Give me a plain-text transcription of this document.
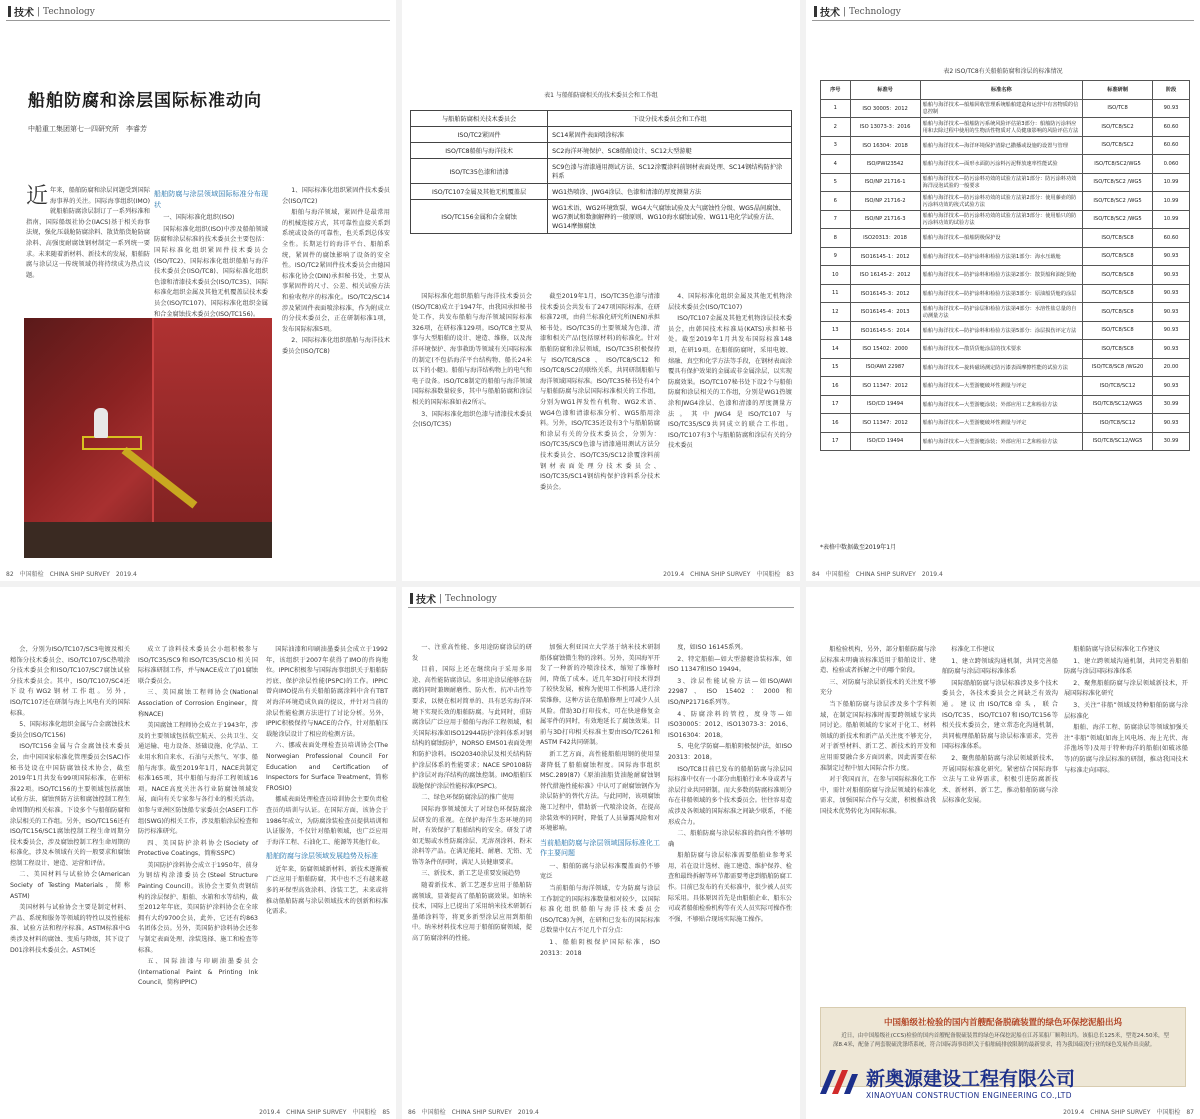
技术 | Technology
船舶防腐和涂层国际标准动向
中船重工集团第七一四研究所　李睿芳

近年来，船舶防腐和涂层问题受到国际海事界的关注。国际海事组织(IMO)就船舶防腐涂层制订了一系列标准和指南，国际船级社协会(IACS)基于相关海事法规，强化压载舱防腐涂料、散货船货舱防腐涂料、高强度耐腐蚀钢材制定一系列统一要求。未来随着新材料、新技术的发展，船舶防腐与涂层这一传统领域仍将持续成为热点议题。

船舶防腐与涂层领域国际标准分布现状

一、国际标准化组织(ISO)

国际标准化组织(ISO)中涉及船舶领域防腐和涂层标准的技术委员会主要包括：国际标准化组织紧固件技术委员会(ISO/TC2)、国际标准化组织船舶与海洋技术委员会(ISO/TC8)、国际标准化组织色漆和清漆技术委员会(ISO/TC35)、国际标准化组织金属及其他无机覆盖层技术委员会(ISO/TC107)、国际标准化组织金属和合金腐蚀技术委员会(ISO/TC156)。

1、国际标准化组织紧固件技术委员会(ISO/TC2)

船舶与海洋领域，紧固件是最常用的机械连接方式，其可靠性直接关系到系统或设备的可靠性，也关系到总体安全性。长期运行的海洋平台、船舶系统，紧固件的腐蚀影响了设备的安全性。ISO/TC2紧固件技术委员会由德国标准化协会(DIN)承担秘书处，主要从事紧固件的尺寸、公差、相关试验方法和验收程序的标准化。ISO/TC2/SC14涉及紧固件表面喷涂标准，作为附成立的分技术委员会，正在研制标准1项，发布国际标准5项。

2、国际标准化组织船舶与海洋技术委员会(ISO/TC8)

82　中国船检　CHINA SHIP SURVEY　2019.4
表1 与船舶防腐相关的技术委员会和工作组
与船舶防腐相关技术委员会	下设分技术委员会和工作组
ISO/TC2紧固件	SC14紧固件表面喷涂标准
ISO/TC8船舶与海洋技术	SC2海洋环境保护、SC8船舶设计、SC12大型游艇
ISO/TC35色漆和清漆	SC9色漆与清漆通用测试方法、SC12涂覆涂料前钢材表面处理、SC14钢结构防护涂料系
ISO/TC107金属及其他无机覆盖层	WG1热喷涂、JWG4涂层、色漆和清漆的厚度测量方法
ISO/TC156金属和合金腐蚀	WG1术语、WG2环境致裂、WG4大气腐蚀试验及大气腐蚀性分级、WG5晶间腐蚀、WG7测试和数据解释的一般原则、WG10海水腐蚀试验、WG11电化学试验方法、WG14摩擦腐蚀

国际标准化组织船舶与海洋技术委员会(ISO/TC8)成立于1947年，由我国承担秘书处工作，共发布船舶与海洋领域国际标准326项，在研标准129项。ISO/TC8主要从事与大型船舶的设计、建造、维修，以及海洋环境保护、海事救助等领域有关国际标准的制定(不包括海洋平台结构物、船长24米以下的小艇)。船舶与海洋结构物上的电气和电子设备。ISO/TC8制定的船舶与海洋领域国际标准数量较多，其中与船舶防腐和涂层相关的国际标准如表2所示。

3、国际标准化组织色漆与清漆技术委员会(ISO/TC35)

截至2019年1月，ISO/TC35色漆与清漆技术委员会共发布了247项国际标准，在研标准72项，由荷兰标准化研究所(NEN)承担秘书处。ISO/TC35的主要领域为色漆、清漆和相关产品(包括原材料)的标准化。针对船舶防腐和涂层领域，ISO/TC35积极保持与ISO/TC8/SC8、ISO/TC8/SC12和ISO/TC8/SC2的联络关系，共同研制船舶与海洋领域国际标准。ISO/TC35秘书处有4个与船舶防腐与涂层国际标准相关的工作组，分别为WG1挥发性有机物、WG2术语、WG4色漆和清漆标准分析、WG5船用涂料。另外，ISO/TC35还设有3个与船舶防腐和涂层有关的分技术委员会，分别为：ISO/TC35/SC9色漆与清漆通用测试方法分技术委员会、ISO/TC35/SC12涂覆涂料前钢材表面处理分技术委员会、ISO/TC35/SC14钢结构保护涂料系分技术委员会。

4、国际标准化组织金属及其他无机物涂层技术委员会(ISO/TC107)

ISO/TC107金属及其他无机物涂层技术委员会，由韩国技术标准局(KATS)承担秘书处。截至2019年1月共发布国际标准148项，在研19项。在船舶防腐时，采用电镀、熔融、真空和化学方法等手段，在钢材表面涂覆具有保护效果的金属或非金属涂层，以实现防腐效果。ISO/TC107秘书处下设2个与船舶防腐和涂层相关的工作组，分别是WG1热镀涂和JWG4涂层、色漆和清漆的厚度测量方法。其中JWG4是ISO/TC107与ISO/TC35/SC9共同成立的联合工作组。ISO/TC107有3个与船舶防腐和涂层有关的分技术委员

2019.4　CHINA SHIP SURVEY　中国船检　83
技术 | Technology
表2 ISO/TC8有关船舶防腐和涂层的标准情况
序号	标准号	标准名称	标准研制	阶段
1	ISO 30005：2012	船舶与海洋技术—船舶回收管理系统船舶建造和运营中有害物质的信息控制	ISO/TC8	90.93
2	ISO 13073-3：2016	船舶与海洋技术—船舶防污系统风险评估第3部分：船舶防污涂料应用和去除过程中使用的生物活性物质对人员健康影响的风险评估方法	ISO/TC8/SC2	60.60
3	ISO 16304：2018	船舶与海洋技术—海洋环境保护清除已撒播或设施的设置与管理	ISO/TC8/SC2	60.60
4	ISO/PWI23542	船舶与海洋技术—面形水面防污涂料污泥释放速率性能试验	ISO/TC8/SC2/WG5	0.060
5	ISO/NP 21716-1	船舶与海洋技术—防污涂料功效的试验方法第1部分：防污涂料功效海洋浸泡试验的一般要求	ISO/TC8/SC2 /WG5	10.99
6	ISO/NP 21716-2	船舶与海洋技术—防污涂料功效的试验方法第2部分：使用藤壶的防污涂料功效的筏式试验方法	ISO/TC8/SC2 /WG5	10.99
7	ISO/NP 21716-3	船舶与海洋技术—防污涂料功效的试验方法第3部分：使用船只的防污涂料功效的试验方法	ISO/TC8/SC2 /WG5	10.99
8	ISO20313：2018	船舶与海洋技术—船舶阴极保护设	ISO/TC8/SC8	60.60
9	ISO16145-1：2012	船舶与海洋技术—防护涂料和检验方法第1部分：海水压载舱	ISO/TC8/SC8	90.93
10	ISO 16145-2：2012	船舶与海洋技术—防护涂料和检验方法第2部分：散货船和油轮货舱	ISO/TC8/SC8	90.93
11	ISO16145-3：2012	船舶与海洋技术—防护涂料和检验方法第3部分：原油船货舱的涂层	ISO/TC8/SC8	90.93
12	ISO16145-4：2013	船舶与海洋技术—防护涂层和检验方法第4部分：水溶性盐总量的自动测量方法	ISO/TC8/SC8	90.93
13	ISO16145-5：2014	船舶与海洋技术—防护涂料和检验方法第5部分：涂层损伤评定方法	ISO/TC8/SC8	90.93
14	ISO 15402：2000	船舶与海洋技术—散货货舱涂层的技术要求	ISO/TC8/SC8	90.93
15	ISO/AWI 22987	船舶与海洋技术—旋转磁场测定防污漆表面摩擦性能的试验方法	ISO/TC8/SC8 /WG20	20.00
16	ISO 11347：2012	船舶与海洋技术—大型游艇破坏性测量与评定	ISO/TC8/SC12	90.93
17	ISO/CD 19494	船舶与海洋技术—大型游艇涂装；外部应用工艺和检验方法	ISO/TC8/SC12/WG5	30.99
16	ISO 11347：2012	船舶与海洋技术—大型游艇破坏性测量与评定	ISO/TC8/SC12	90.93
17	ISO/CD 19494	船舶与海洋技术—大型游艇涂装；外部应用工艺和检验方法	ISO/TC8/SC12/WG5	30.99
*表格中数据截至2019年1月
84　中国船检　CHINA SHIP SURVEY　2019.4

会，分别为ISO/TC107/SC3电镀及相关精饰分技术委员会、ISO/TC107/SC热喷涂分技术委员会和ISO/TC107/SC7腐蚀试验分技术委员会。其中，ISO/TC107/SC4还下设有WG2钢材工作组。另外，ISO/TC107还在研制与海上风电有关的国际标准。

5、国际标准化组织金属与合金腐蚀技术委员会(ISO/TC156)

ISO/TC156金属与合金腐蚀技术委员会，由中国国家标准化管理委员会(SAC)作秘书处设在中国防腐蚀技术协会，截至2019年1月共发布99项国际标准，在研标准22项。ISO/TC156的主要领域包括腐蚀试验方法、腐蚀预防方法和腐蚀控制工程生命周期的相关标准。下设多个与船舶防腐和涂层相关的工作组。另外，ISO/TC156还有ISO/TC156/SC1腐蚀控制工程生命周期分技术委员会，涉及腐蚀控制工程生命周期的标准化，涉及本领域有关的一般要求和腐蚀控制工程设计、建造、运营和评估。

二、美国材料与试验协会(American Society of Testing Materials，简称ASTM)

美国材料与试验协会主要是制定材料、产品、系统和服务等领域的特性以及性能标准、试验方法和程序标准。ASTM标准中G类涉及材料的腐蚀、变质与降级，其下设了D01涂料技术委员会。ASTM还

成立了涂料技术委员会小组积极参与ISO/TC35/SC9和ISO/TC35/SC10相关国际标准研制工作，并与NACE成立了J01腐蚀联合委员会。

三、美国腐蚀工程师协会(National Association of Corrosion Engineer，简称NACE)

美国腐蚀工程师协会成立于1943年，涉及的主要领域包括航空航天、公共卫生、交通运输、电力设备、基础设施、化学品、工业用水和自来水、石油与天然气、军事、船舶与海事。截至2019年1月，NACE共制定标准165项，其中船舶与海洋工程领域16项。NACE高度关注各行业防腐蚀领域发展，面向有关专家参与各行业的相关活动。如参与亚洲区防蚀船专家委员会(ASEF)工作组(SWG)的相关工作，涉及船舶涂层检查和防污标准研究。

四、美国防护涂料协会(Society of Protective Coatings，简称SSPC)

美国防护涂料协会成立于1950年，前身为钢结构涂漆委员会(Steel Structure Painting Council)。该协会主要负责钢结构的涂层保护、船舶、水箱和水等结构，截至2012年年底，美国防护涂料协会在全球拥有大约9700会员，此外，它还有约863名团体会员。另外，美国防护涂料协会还参与制定表面处理、涂装选择、施工和检查等标准。

五、国际油漆与印刷油墨委员会(International Paint & Printing Ink Council，简称IPPIC)

国际油漆和印刷油墨委员会成立于1992年，该组织于2007年获得了IMO的咨询地位。IPPIC积极参与国际海事组织关于船舶防污底、保护涂层性能(PSPC)的工作。IPPIC曾向IMO提出有关船舶防腐涂料中含有TBT对海洋环境造成负面的提议，并针对当前的涂层性能检测方法进行了讨论分析。另外，IPPIC积极保持与NACE的合作，针对船舶压载舱涂层设计了相应的检测方法。

六、挪威表面处理检查员培训协会(The Norwegian Professional Council For Education and Certification of Inspectors for Surface Treatment，简称FROSIO)

挪威表面处理检查员培训协会主要负责检查员的培训与认证。在国际方面，该协会于1986年成立，为防腐涂装检查员提供培训和认证服务，不仅针对船舶领域，也广泛应用于海洋工程、石油化工、能源等其他行业。

船舶防腐与涂层领域发展趋势及标准

近年来，防腐领域新材料、新技术逐渐被广泛应用于船舶防腐，其中也不乏有越来越多的环保型高效涂料、涂装工艺，未来或将推动船舶防腐与涂层领域技术的创新和标准化需求。

2019.4　CHINA SHIP SURVEY　中国船检　85
技术 | Technology

一、注重高性能、多用途防腐涂层的研发

目前，国际上还在继续向于采用多用途、高性能防腐涂层。多用途涂层能够在防腐的同时兼顾耐磨性、防火性、抗冲击性等要求，以便在相对简单的、具有恶劣海洋环境下实现长效的船舶防腐。与此同时，重防腐涂层广泛应用于船舶与海洋工程领域，相关国际标准如ISO12944防护涂料体系对钢结构的腐蚀防护，NORSO EM501表面处理和防护涂料。ISO20340涂层及相关结构防护涂层体系的性能要求；NACE SP0108防护涂层对海洋结构的腐蚀控制。IMO船舶压载舱保护涂层性能标准(PSPC)。

二、绿色环保防腐涂层的推广使用

国际海事领域加大了对绿色环保防腐涂层研发的重视。在保护海洋生态环境的同时，有效保护了船舶结构的安全。研发了诸如无锡或水性防腐涂层、无溶剂涂料、粉末涂料等产品。在满足能耗、耐磨、无铅、无铬等条件的同时，满足人员健康要求。

三、新技术、新工艺是重要发展趋势

随着新技术、新工艺逐步应用于船舶防腐领域，显著提高了船舶防腐效果。如纳米技术，国际上已提出了采用纳米技术研制石墨烯涂料等，将更多新型涂层应用到船舶中。纳米材料技术应用于船舶防腐领域，提高了防腐涂料的性能。

加强大利亚国立大学基于纳米技术研制船体腐蚀微生物的涂料。另外，美国海军开发了一种新的冷喷涂技术，缩短了维修时间，降低了成本。近几年3D打印技术得到了较快发展，被称为使用工作机器人进行涂装维修，这种方法在船舶修理上可减少人员风险。借助3D打印技术，可在快速修复金属零件的同时，有效地延长了腐蚀效果。目前与3D打印相关标准主要由ISO/TC261和ASTM F42共同研制。

新工艺方面，高性能船舶用钢的使用显著降低了船舶腐蚀程度。国际海事组织MSC.289(87)《原油油船货油舱耐腐蚀钢替代措施性能标准》中认可了耐腐蚀钢作为涂层防护的替代方法。与此同时，该项腐蚀施工过程中，借助新一代喷涂设备，在提高涂装效率的同时，降低了人员暴露风险和对环境影响。

当前船舶防腐与涂层领域国际标准化工作主要问题

一、船舶防腐与涂层标准覆盖面仍不够宽泛

当前船舶与海洋领域，专为防腐与涂层工作制定的国际标准数量相对较少，以国际标准化组织船舶与海洋技术委员会(ISO/TC8)为例，在研和已发布的国际标准总数量中仅占不足几个百分点：

1、船舶阴极保护国际标准，ISO 20313：2018

度，如ISO 16145系列。

2、特定船舶—如大型游艇涂装标准，如ISO 11347和ISO 19494。

3、涂层性能试验方法—如ISO/AWI 22987、ISO 15402：2000和ISO/NP21716系列等。

4、防腐涂料的管控，度身等—如ISO30005：2012、ISO13073-3：2016、ISO16304：2018。

5、电化学防腐—船舶阴极保护法，如ISO 20313：2018。

ISO/TC8目前已发布的船舶防腐与涂层国际标准中仅有一小部分由船舶行业本身或者与涂层行业共同研制。而大多数的防腐标准则分布在非船领域的多个技术委员会。往往容易造成涉及各领域的国际标准之间缺少联系，不能形成合力。

二、船舶防腐与涂层标准的指向性不够明确

船舶防腐与涂层标准需要船舶业参考采用，若在设计选材、施工建造、维护保养、检查和最终拆解等环节都需要考虑到船舶防腐工作。目前已发布的有关标准中，很少被人员实际采用。具体原因首先是由船舶企业、船东公司或者船舶检验机构等有关人员实际可操作性不强，不够贴合现场实际施工操作。

86　中国船检　CHINA SHIP SURVEY　2019.4

船检验机构，另外，部分船舶防腐与涂层标准未明确该标准适用于船舶设计、建造、检验或者拆解之中的哪个阶段。

三、对防腐与涂层新技术的关注度不够充分

当下船舶防腐与涂层涉及多个学科领域，在制定国际标准时需要跨领域专家共同讨论。船舶领域的专家对于化工、材料领域的新技术和新产品关注度不够充分，对于新型材料、新工艺、新技术的开发和应用需要融合多方面因素，因此需要在标准制定过程中加大国际合作力度。

对于我国而言，在参与国际标准化工作中，需针对船舶防腐与涂层领域的标准化需求，加强国际合作与交流，积极推动我国技术优势转化为国际标准。

标准化工作建议

1、建立跨领域沟通机制，共同完善船舶防腐与涂层国际标准体系

国际船舶防腐与涂层标准涉及多个技术委员会，各技术委员会之间缺乏有效沟通。建议由ISO/TC8牵头，联合ISO/TC35、ISO/TC107和ISO/TC156等相关技术委员会，建立常态化沟通机制，共同梳理船舶防腐与涂层标准需求，完善国际标准体系。

2、聚焦船舶防腐与涂层领域新技术，开展国际标准化研究。紧密结合国际海事立法与工业界需求，积极引进防腐新技术、新材料、新工艺，推动船舶防腐与涂层标准化发展。

船舶防腐与涂层标准化工作建议

1、建立跨领域沟通机制，共同完善船舶防腐与涂层国际标准体系

2、聚焦船舶防腐与涂层领域新技术，开展国际标准化研究

3、关注“非船”领域及特种船舶防腐与涂层标准化

船舶、海洋工程、防腐涂层等领域加强关注“非船”领域(如海上风电场、海上光伏、海洋渔场等)及用于特种海洋的船舶(如破冰船等)的防腐与涂层标准的研制，推动我国技术与标准走向国际。

中国船级社检验的国内首艘配备脱硫装置的绿色环保挖泥船出坞
近日，由中国船级社(CCS)检验的国内首艘配备脱硫装置的绿色环保挖泥船在江苏某船厂顺利出坞。该船总长125米，型宽24.50米，型深8.4米，配备了两套脱硫洗涤塔系统，符合国际海事组织关于船舶硫排放限制的最新要求，将为我国疏浚行业的绿色发展作出贡献。
2019.4　CHINA SHIP SURVEY　中国船检　87
新奥源建设工程有限公司
XINAOYUAN CONSTRUCTION ENGINEERING CO.,LTD
